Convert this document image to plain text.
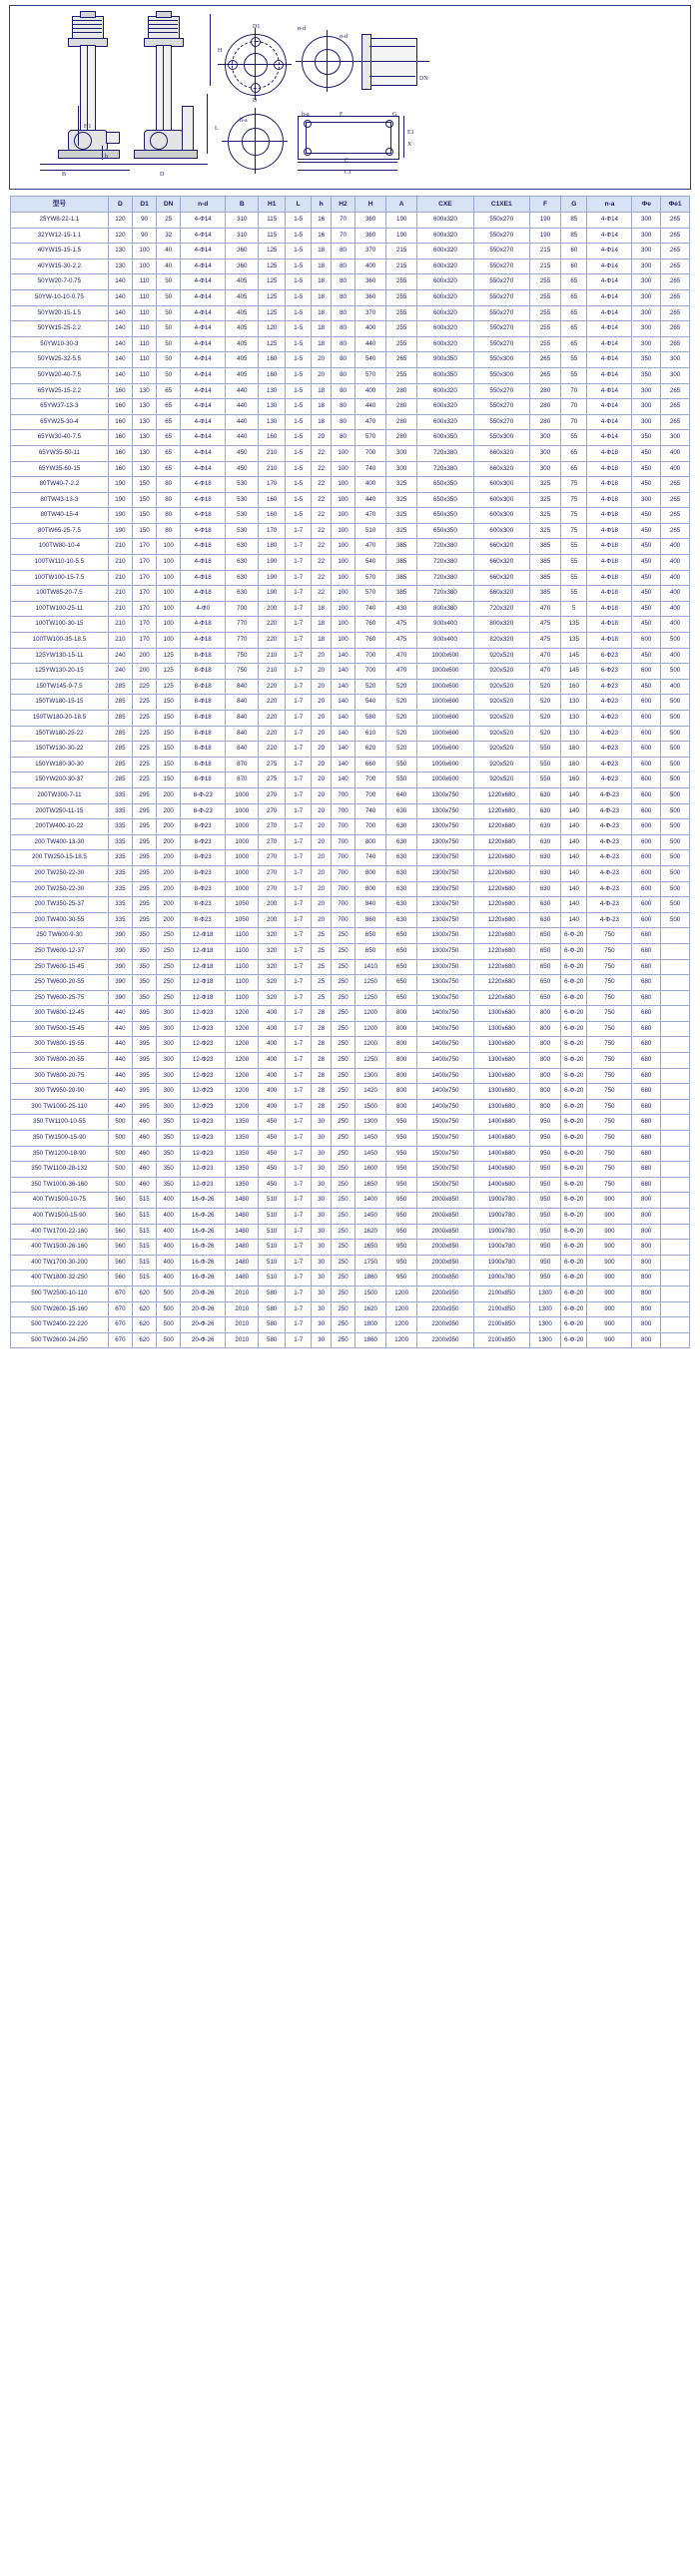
H
L
H1
h
B	D
n-d
D1
n-d
D
h-a
h-a	F	G
E1
X
C
C1
DN
型号	D	D1	DN	n-d	B	H1	L	h	H2	H	A	CXE	C1XE1	F	G	n-a	Фe	Фe1
25YW8-22-1.1	120	90	25	4-Ф14	310	115	1-5	16	70	360	190	600x320	550x270	190	85	4-Ф14	300	265
32YW12-15-1.1	120	90	32	4-Ф14	310	115	1-5	16	70	360	190	600x320	550x270	190	85	4-Ф14	300	265
40YW15-15-1.5	130	100	40	4-Ф14	360	125	1-5	18	80	370	215	600x320	550x270	215	60	4-Ф14	300	265
40YW15-30-2.2	130	100	40	4-Ф14	360	125	1-5	18	80	400	215	600x320	550x270	215	60	4-Ф14	300	265
50YW20-7-0.75	140	110	50	4-Ф14	405	125	1-5	18	80	360	255	600x320	550x270	255	65	4-Ф14	300	265
50YW-10-10-0.75	140	110	50	4-Ф14	405	125	1-5	18	80	360	255	600x320	550x270	255	65	4-Ф14	300	265
50YW20-15-1.5	140	110	50	4-Ф14	405	125	1-5	18	80	370	255	600x320	550x270	255	65	4-Ф14	300	265
50YW15-25-2.2	140	110	50	4-Ф14	405	120	1-5	18	80	400	255	600x320	550x270	255	65	4-Ф14	300	265
50YW10-30-3	140	110	50	4-Ф14	405	125	1-5	18	80	440	255	600x320	550x270	255	65	4-Ф14	300	265
50YW25-32-5.5	140	110	50	4-Ф14	405	160	1-5	20	80	540	265	900x350	550x300	265	55	4-Ф14	350	300
50YW20-40-7.5	140	110	50	4-Ф14	405	160	1-5	20	80	570	255	600x350	550x300	265	55	4-Ф14	350	300
65YW25-15-2.2	160	130	65	4-Ф14	440	130	1-5	18	80	400	280	600x320	550x270	280	70	4-Ф14	300	265
65YW37-13-3	160	130	65	4-Ф14	440	130	1-5	18	80	440	280	600x320	550x270	280	70	4-Ф14	300	265
65YW25-30-4	160	130	65	4-Ф14	440	130	1-5	18	80	470	280	600x320	550x270	280	70	4-Ф14	300	265
65YW30-40-7.5	160	130	65	4-Ф14	440	160	1-5	20	80	570	280	600x350	550x300	300	55	4-Ф14	350	300
65YW35-50-11	160	130	65	4-Ф14	450	210	1-5	22	100	700	300	720x380	660x320	300	65	4-Ф18	450	400
65YW35-60-15	160	130	65	4-Ф14	450	210	1-5	22	100	740	300	720x380	660x320	300	65	4-Ф18	450	400
80TW40-7-2.2	190	150	80	4-Ф18	530	170	1-5	22	100	400	325	650x350	600x300	325	75	4-Ф18	450	265
80TW43-13-3	190	150	80	4-Ф18	530	160	1-5	22	100	440	325	650x350	600x300	325	75	4-Ф18	300	265
80TW40-15-4	190	150	80	4-Ф18	530	160	1-5	22	100	470	325	650x350	600x300	325	75	4-Ф18	450	265
80TW65-25-7.5	190	150	80	4-Ф18	530	170	1-7	22	100	510	325	650x350	600x300	325	75	4-Ф18	450	265
100TW80-10-4	210	170	100	4-Ф18	630	180	1-7	22	100	470	385	720x380	660x320	385	55	4-Ф18	450	400
100TW110-10-5.5	210	170	100	4-Ф18	630	190	1-7	22	100	540	385	720x380	660x320	385	55	4-Ф18	450	400
100TW100-15-7.5	210	170	100	4-Ф18	630	190	1-7	22	100	570	385	720x380	660x320	385	55	4-Ф18	450	400
100TW85-20-7.5	210	170	100	4-Ф18	630	190	1-7	22	100	570	385	720x380	660x320	385	55	4-Ф18	450	400
100TW100-25-11	210	170	100	4-Ф0	700	200	1-7	18	100	740	430	800x380	720x320	470	5	4-Ф18	450	400
100TW100-30-15	210	170	100	4-Ф18	770	220	1-7	18	100	760	475	900x400	800x320	475	135	4-Ф18	450	400
100TW100-35-18.5	210	170	100	4-Ф18	770	220	1-7	18	100	760	475	900x400	820x320	475	135	4-Ф18	600	500
125YW130-15-11	240	200	125	8-Ф18	750	210	1-7	20	140	700	470	1000x600	920x520	470	145	6-Ф23	450	400
125YW130-20-15	240	200	125	8-Ф18	750	210	1-7	20	140	700	470	1000x600	920x520	470	145	6-Ф23	600	500
150TW145-9-7.5	285	225	125	8-Ф18	840	220	1-7	20	140	520	520	1000x600	920x520	520	160	4-Ф23	450	400
150TW180-15-15	285	225	150	8-Ф18	840	220	1-7	20	140	540	520	1000x600	920x520	520	130	4-Ф23	600	500
150TW180-20-18.5	285	225	150	8-Ф18	840	220	1-7	20	140	580	520	1000x600	920x520	520	130	4-Ф23	600	500
150TW180-25-22	285	225	150	8-Ф18	840	220	1-7	20	140	610	520	1000x600	920x520	520	130	4-Ф23	600	500
150TW130-30-22	285	225	150	8-Ф18	840	220	1-7	20	140	620	520	1000x600	920x520	550	160	4-Ф23	600	500
150YW180-30-30	285	225	150	8-Ф18	870	275	1-7	20	140	660	550	1000x600	920x520	550	160	4-Ф23	600	500
150YW200-30-37	285	225	150	8-Ф18	870	275	1-7	20	140	700	550	1000x600	920x520	550	160	4-Ф23	600	500
200TW300-7-11	335	295	200	8-Ф-23	1000	270	1-7	20	700	700	640	1300x750	1220x680	630	140	4-Ф-23	600	500
200TW250-11-15	335	295	200	8-Ф-23	1000	270	1-7	20	700	740	630	1300x750	1220x680	630	140	4-Ф-23	600	500
200TW400-10-22	335	295	200	8-Ф23	1000	270	1-7	20	700	700	630	1300x750	1220x680	630	140	4-Ф-23	600	500
200 TW400-13-30	335	295	200	8-Ф23	1000	270	1-7	20	700	800	630	1300x750	1220x680	630	140	4-Ф-23	600	500
200 TW250-15-18.5	335	295	200	8-Ф23	1000	270	1-7	20	700	740	630	1300x750	1220x680	630	140	4-Ф-23	600	500
200 TW250-22-30	335	295	200	8-Ф23	1000	270	1-7	20	700	800	630	1300x750	1220x680	630	140	4-Ф-23	600	500
200 TW250-22-30	335	295	200	8-Ф23	1000	270	1-7	20	700	800	630	1300x750	1220x680	630	140	4-Ф-23	600	500
200 TW350-25-37	335	295	200	8-Ф23	1050	200	1-7	20	700	840	630	1300x750	1220x680	630	140	4-Ф-23	600	500
200 TW400-30-55	335	295	200	8-Ф23	1050	200	1-7	20	700	860	630	1300x750	1220x680	630	140	4-Ф-23	600	500
250 TW600-9-30	390	350	250	12-Ф18	1100	320	1-7	25	250	650	650	1300x750	1220x680	650	6-Ф-20	750	680	
250 TW600-12-37	390	350	250	12-Ф18	1100	320	1-7	25	250	650	650	1300x750	1220x680	650	6-Ф-20	750	680	
250 TW600-15-45	390	350	250	12-Ф18	1100	320	1-7	25	250	1410	650	1300x750	1220x680	650	6-Ф-20	750	680	
250 TW600-20-55	390	350	250	12-Ф18	1100	320	1-7	25	250	1250	650	1300x750	1220x680	650	6-Ф-20	750	680	
250 TW600-25-75	390	350	250	12-Ф18	1100	320	1-7	25	250	1250	650	1300x750	1220x680	650	6-Ф-20	750	680	
300 TW800-12-45	440	395	300	12-Ф23	1200	400	1-7	28	250	1200	800	1400x750	1300x680	800	6-Ф-20	750	680	
300 TW500-15-45	440	395	300	12-Ф23	1200	400	1-7	28	250	1200	800	1400x750	1300x680	800	6-Ф-20	750	680	
300 TW800-15-55	440	395	300	12-Ф23	1200	400	1-7	28	250	1200	800	1400x750	1300x680	800	6-Ф-20	750	680	
300 TW800-20-55	440	395	300	12-Ф23	1200	400	1-7	28	250	1250	800	1400x750	1300x680	800	6-Ф-20	750	680	
300 TW800-20-75	440	395	300	12-Ф23	1200	400	1-7	28	250	1300	800	1400x750	1300x680	800	6-Ф-20	750	680	
300 TW950-20-90	440	395	300	12-Ф23	1200	400	1-7	28	250	1420	800	1400x750	1300x680	800	6-Ф-20	750	680	
300 TW1000-25-110	440	395	300	12-Ф23	1200	400	1-7	28	250	1500	800	1400x750	1300x680	800	6-Ф-20	750	680	
350 TW1100-10-55	500	460	350	12-Ф23	1350	450	1-7	30	250	1300	950	1500x750	1400x680	950	6-Ф-20	750	680	
350 TW1500-15-90	500	460	350	12-Ф23	1350	450	1-7	30	250	1450	950	1500x750	1400x680	950	6-Ф-20	750	680	
350 TW1200-18-90	500	460	350	12-Ф23	1350	450	1-7	30	250	1450	950	1500x750	1400x680	950	6-Ф-20	750	680	
350 TW1100-28-132	500	460	350	12-Ф23	1350	450	1-7	30	250	1600	950	1500x750	1400x680	950	6-Ф-20	750	680	
350 TW1000-36-160	500	460	350	12-Ф23	1350	450	1-7	30	250	1650	950	1500x750	1400x680	950	6-Ф-20	750	680	
400 TW1500-10-75	560	515	400	16-Ф-26	1480	510	1-7	30	250	1400	950	2000x850	1900x780	950	6-Ф-20	900	800	
400 TW1500-15-90	560	515	400	16-Ф-26	1480	510	1-7	30	250	1450	950	2000x850	1900x780	950	6-Ф-20	900	800	
400 TW1700-22-160	560	515	400	16-Ф-26	1480	510	1-7	30	250	1620	950	2000x850	1900x780	950	6-Ф-20	900	800	
400 TW1500-26-160	560	515	400	16-Ф-26	1480	510	1-7	30	250	1650	950	2000x850	1900x780	950	6-Ф-20	900	800	
400 TW1700-30-200	560	515	400	16-Ф-26	1480	510	1-7	30	250	1750	950	2000x850	1900x780	950	6-Ф-20	900	800	
400 TW1800-32-250	560	515	400	16-Ф-26	1480	510	1-7	30	250	1860	950	2000x850	1900x780	950	6-Ф-20	900	800	
500 TW2500-10-110	670	620	500	20-Ф-26	2010	580	1-7	30	250	1500	1200	2200x950	2100x850	1300	6-Ф-20	900	800	
500 TW2600-15-160	670	620	500	20-Ф-26	2010	580	1-7	30	250	1620	1200	2200x950	2100x850	1300	6-Ф-20	900	800	
500 TW2400-22-220	670	620	500	20-Ф-26	2010	580	1-7	30	250	1800	1200	2200x950	2100x850	1300	6-Ф-20	900	800	
500 TW2600-24-250	670	620	500	20-Ф-26	2010	580	1-7	30	250	1860	1200	2200x950	2100x850	1300	6-Ф-20	900	800	
